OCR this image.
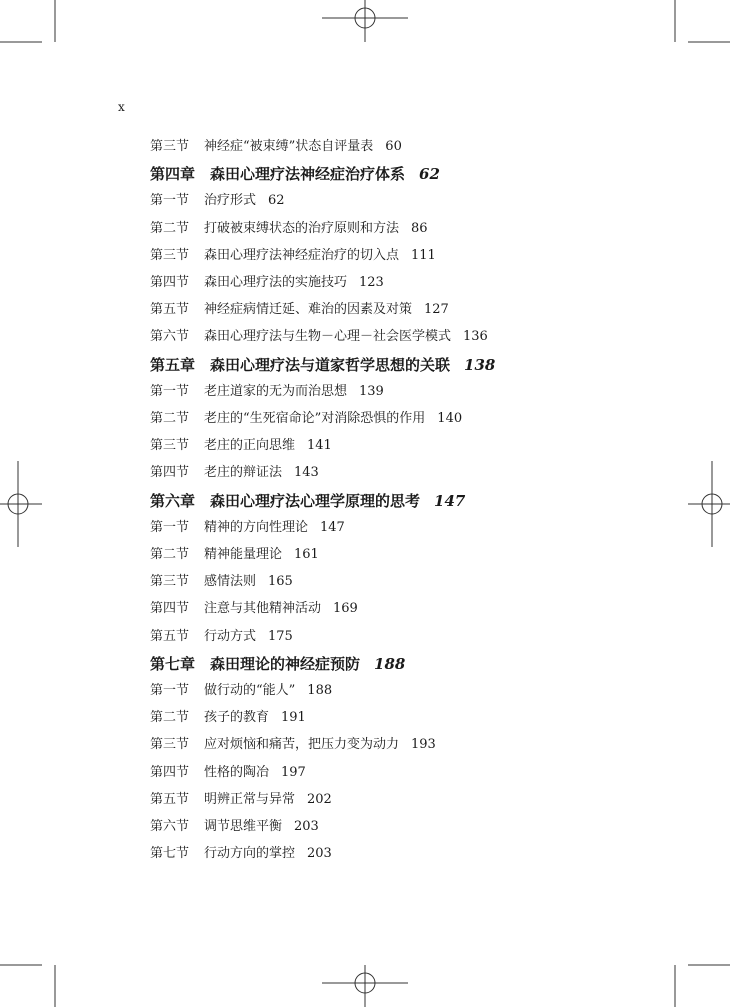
x
第三节 神经症“被束缚”状态自评量表 60
第四章 森田心理疗法神经症治疗体系 62
第一节 治疗形式 62
第二节 打破被束缚状态的治疗原则和方法 86
第三节 森田心理疗法神经症治疗的切入点 111
第四节 森田心理疗法的实施技巧 123
第五节 神经症病情迁延、难治的因素及对策 127
第六节 森田心理疗法与生物－心理－社会医学模式 136
第五章 森田心理疗法与道家哲学思想的关联 138
第一节 老庄道家的无为而治思想 139
第二节 老庄的“生死宿命论”对消除恐惧的作用 140
第三节 老庄的正向思维 141
第四节 老庄的辩证法 143
第六章 森田心理疗法心理学原理的思考 147
第一节 精神的方向性理论 147
第二节 精神能量理论 161
第三节 感情法则 165
第四节 注意与其他精神活动 169
第五节 行动方式 175
第七章 森田理论的神经症预防 188
第一节 做行动的“能人” 188
第二节 孩子的教育 191
第三节 应对烦恼和痛苦，把压力变为动力 193
第四节 性格的陶冶 197
第五节 明辨正常与异常 202
第六节 调节思维平衡 203
第七节 行动方向的掌控 203
